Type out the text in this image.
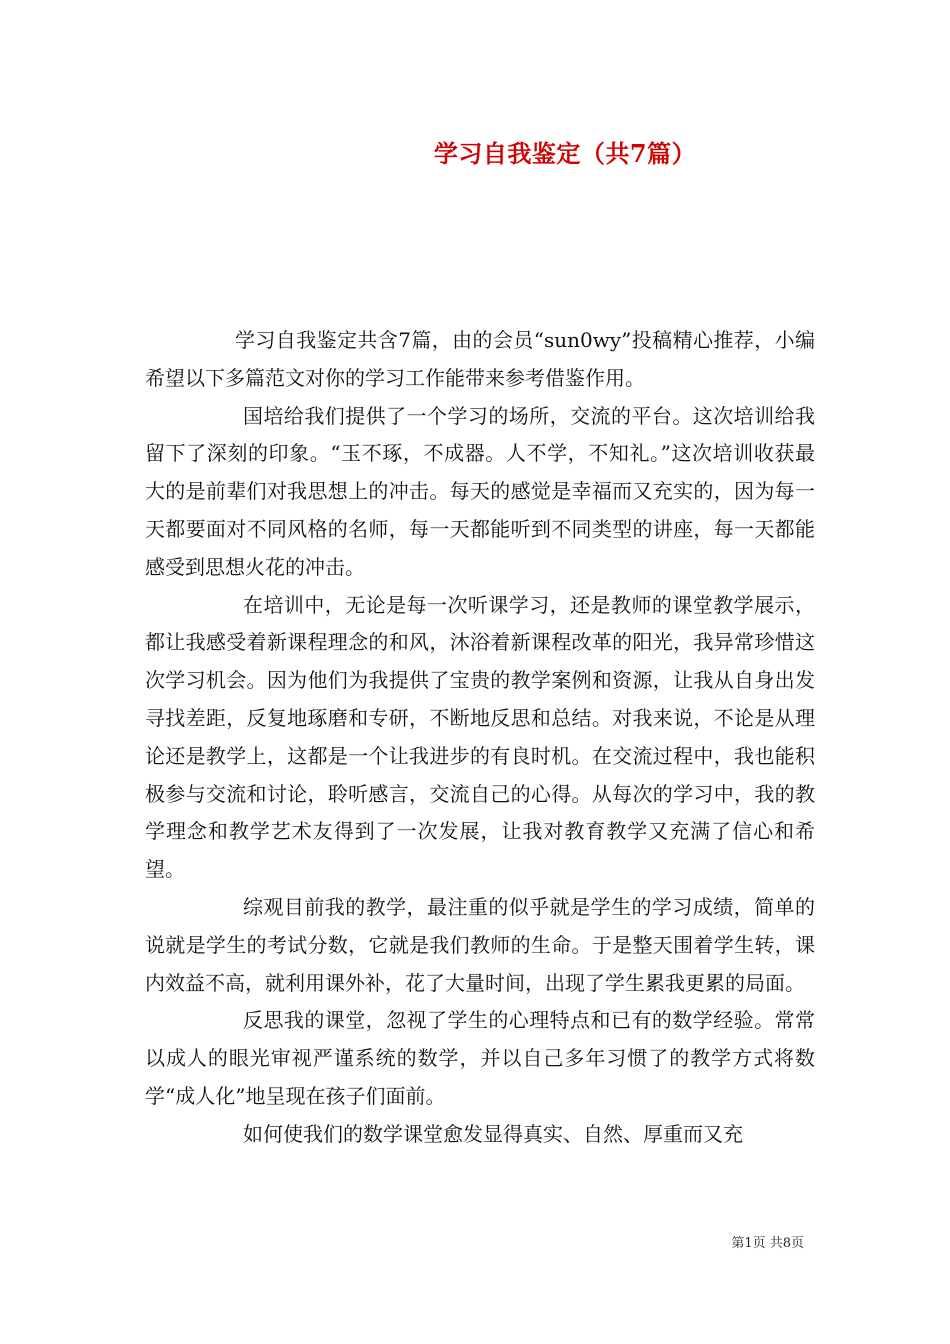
学习自我鉴定（共7篇）

学习自我鉴定共含7篇，由的会员“sun0wy”投稿精心推荐，小编希望以下多篇范文对你的学习工作能带来参考借鉴作用。

国培给我们提供了一个学习的场所，交流的平台。这次培训给我留下了深刻的印象。“玉不琢，不成器。人不学，不知礼。”这次培训收获最大的是前辈们对我思想上的冲击。每天的感觉是幸福而又充实的，因为每一天都要面对不同风格的名师，每一天都能听到不同类型的讲座，每一天都能感受到思想火花的冲击。

在培训中，无论是每一次听课学习，还是教师的课堂教学展示，都让我感受着新课程理念的和风，沐浴着新课程改革的阳光，我异常珍惜这次学习机会。因为他们为我提供了宝贵的教学案例和资源，让我从自身出发寻找差距，反复地琢磨和专研，不断地反思和总结。对我来说，不论是从理论还是教学上，这都是一个让我进步的有良时机。在交流过程中，我也能积极参与交流和讨论，聆听感言，交流自己的心得。从每次的学习中，我的教学理念和教学艺术友得到了一次发展，让我对教育教学又充满了信心和希望。

综观目前我的教学，最注重的似乎就是学生的学习成绩，简单的说就是学生的考试分数，它就是我们教师的生命。于是整天围着学生转，课内效益不高，就利用课外补，花了大量时间，出现了学生累我更累的局面。

反思我的课堂，忽视了学生的心理特点和已有的数学经验。常常以成人的眼光审视严谨系统的数学，并以自己多年习惯了的教学方式将数学“成人化”地呈现在孩子们面前。

如何使我们的数学课堂愈发显得真实、自然、厚重而又充

第1页 共8页
